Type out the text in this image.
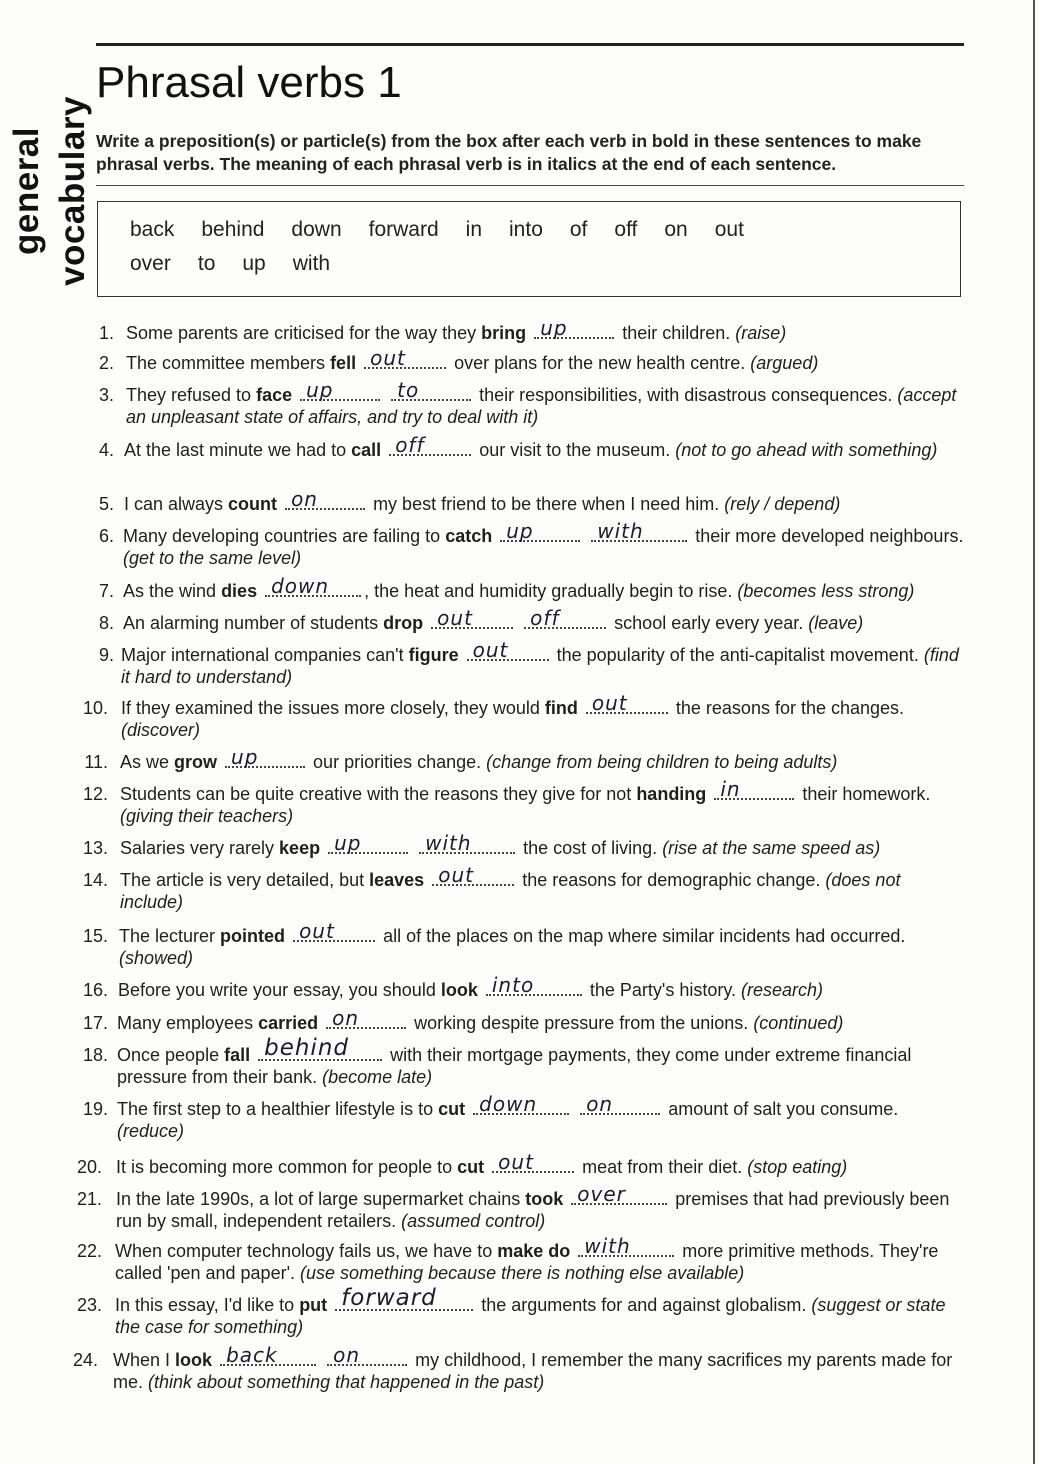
general vocabulary
Phrasal verbs 1
Write a preposition(s) or particle(s) from the box after each verb in bold in these sentences to make phrasal verbs. The meaning of each phrasal verb is in italics at the end of each sentence.
back behind down forward in into of off on out
over to up with
1. Some parents are criticised for the way they bring up	their children. (raise)
2. The committee members fell out over plans for the new health centre. (argued)
3. They refused to face up
	to	their responsibilities, with disastrous consequences. (accept an unpleasant state of affairs, and try to deal with it)
4. At the last minute we had to call off	our visit to the museum. (not to go ahead with something)
5. I can always count on	my best friend to be there when I need him. (rely / depend)
6. Many developing countries are failing to catch up
	with	their more developed neighbours. (get to the same level)
7. As the wind dies down , the heat and humidity gradually begin to rise. (becomes less strong)
8. An alarming number of students drop out
	off	school early every year. (leave)
9. Major international companies can't figure out the popularity of the anti-capitalist movement. (find it hard to understand)
10. If they examined the issues more closely, they would find out the reasons for the changes. (discover)
11. As we grow up	our priorities change. (change from being children to being adults)
12. Students can be quite creative with the reasons they give for not handing in	their homework. (giving their teachers)
13. Salaries very rarely keep up
	with	the cost of living. (rise at the same speed as)
14. The article is very detailed, but leaves out the reasons for demographic change. (does not include)
15. The lecturer pointed out all of the places on the map where similar incidents had occurred. (showed)
16. Before you write your essay, you should look into	the Party's history. (research)
17. Many employees carried on	working despite pressure from the unions. (continued)
18. Once people fall behind with their mortgage payments, they come under extreme financial pressure from their bank. (become late)
19. The first step to a healthier lifestyle is to cut down
on	amount of salt you consume. (reduce)
20. It is becoming more common for people to cut out meat from their diet. (stop eating)
21. In the late 1990s, a lot of large supermarket chains took over premises that had previously been run by small, independent retailers. (assumed control)
22. When computer technology fails us, we have to make do with	more primitive methods. They're called 'pen and paper'. (use something because there is nothing else available)
23. In this essay, I'd like to put forward the arguments for and against globalism. (suggest or state the case for something)
24. When I look back
	on	my childhood, I remember the many sacrifices my parents made for me. (think about something that happened in the past)
